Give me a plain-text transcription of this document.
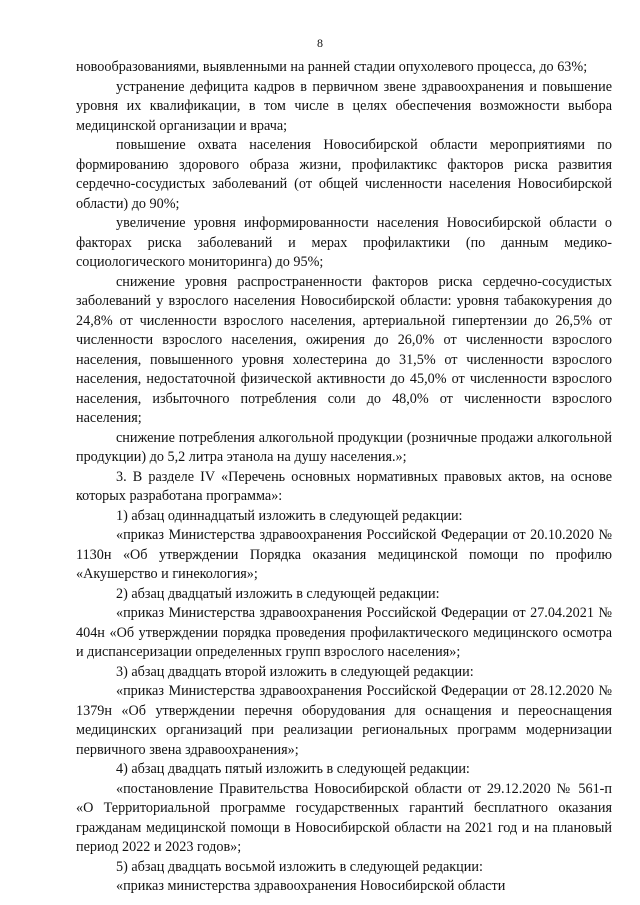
8

новообразованиями, выявленными на ранней стадии опухолевого процесса, до 63%;

устранение дефицита кадров в первичном звене здравоохранения и повышение уровня их квалификации, в том числе в целях обеспечения возможности выбора медицинской организации и врача;

повышение охвата населения Новосибирской области мероприятиями по формированию здорового образа жизни, профилактикс факторов риска развития сердечно-сосудистых заболеваний (от общей численности населения Новосибирской области) до 90%;

увеличение уровня информированности населения Новосибирской области о факторах риска заболеваний и мерах профилактики (по данным медико-социологического мониторинга) до 95%;

снижение уровня распространенности факторов риска сердечно-сосудистых заболеваний у взрослого населения Новосибирской области: уровня табакокурения до 24,8% от численности взрослого населения, артериальной гипертензии до 26,5% от численности взрослого населения, ожирения до 26,0% от численности взрослого населения, повышенного уровня холестерина до 31,5% от численности взрослого населения, недостаточной физической активности до 45,0% от численности взрослого населения, избыточного потребления соли до 48,0% от численности взрослого населения;

снижение потребления алкогольной продукции (розничные продажи алкогольной продукции) до 5,2 литра этанола на душу населения.»;

3. В разделе IV «Перечень основных нормативных правовых актов, на основе которых разработана программа»:

1) абзац одиннадцатый изложить в следующей редакции:

«приказ Министерства здравоохранения Российской Федерации от 20.10.2020 № 1130н «Об утверждении Порядка оказания медицинской помощи по профилю «Акушерство и гинекология»;

2) абзац двадцатый изложить в следующей редакции:

«приказ Министерства здравоохранения Российской Федерации от 27.04.2021 № 404н «Об утверждении порядка проведения профилактического медицинского осмотра и диспансеризации определенных групп взрослого населения»;

3) абзац двадцать второй изложить в следующей редакции:

«приказ Министерства здравоохранения Российской Федерации от 28.12.2020 № 1379н «Об утверждении перечня оборудования для оснащения и переоснащения медицинских организаций при реализации региональных программ модернизации первичного звена здравоохранения»;

4) абзац двадцать пятый изложить в следующей редакции:

«постановление Правительства Новосибирской области от 29.12.2020 № 561-п «О Территориальной программе государственных гарантий бесплатного оказания гражданам медицинской помощи в Новосибирской области на 2021 год и на плановый период 2022 и 2023 годов»;

5) абзац двадцать восьмой изложить в следующей редакции:

«приказ министерства здравоохранения Новосибирской области
